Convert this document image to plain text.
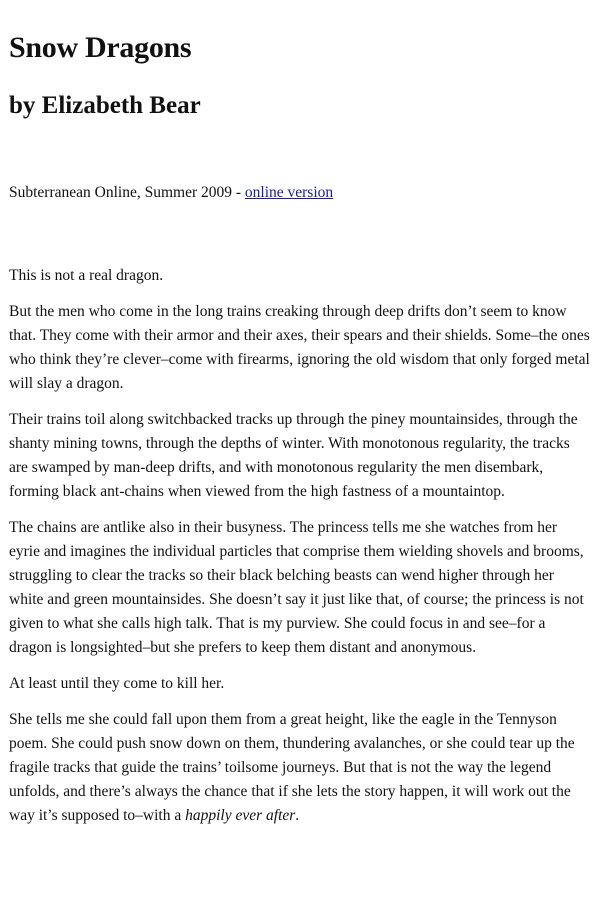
Snow Dragons
by Elizabeth Bear

Subterranean Online, Summer 2009 - online version

This is not a real dragon.

But the men who come in the long trains creaking through deep drifts don’t seem to know that. They come with their armor and their axes, their spears and their shields. Some–the ones who think they’re clever–come with firearms, ignoring the old wisdom that only forged metal will slay a dragon.

Their trains toil along switchbacked tracks up through the piney mountainsides, through the shanty mining towns, through the depths of winter. With monotonous regularity, the tracks are swamped by man-deep drifts, and with monotonous regularity the men disembark, forming black ant-chains when viewed from the high fastness of a mountaintop.

The chains are antlike also in their busyness. The princess tells me she watches from her eyrie and imagines the individual particles that comprise them wielding shovels and brooms, struggling to clear the tracks so their black belching beasts can wend higher through her white and green mountainsides. She doesn’t say it just like that, of course; the princess is not given to what she calls high talk. That is my purview. She could focus in and see–for a dragon is longsighted–but she prefers to keep them distant and anonymous.

At least until they come to kill her.

She tells me she could fall upon them from a great height, like the eagle in the Tennyson poem. She could push snow down on them, thundering avalanches, or she could tear up the fragile tracks that guide the trains’ toilsome journeys. But that is not the way the legend unfolds, and there’s always the chance that if she lets the story happen, it will work out the way it’s supposed to–with a happily ever after.
